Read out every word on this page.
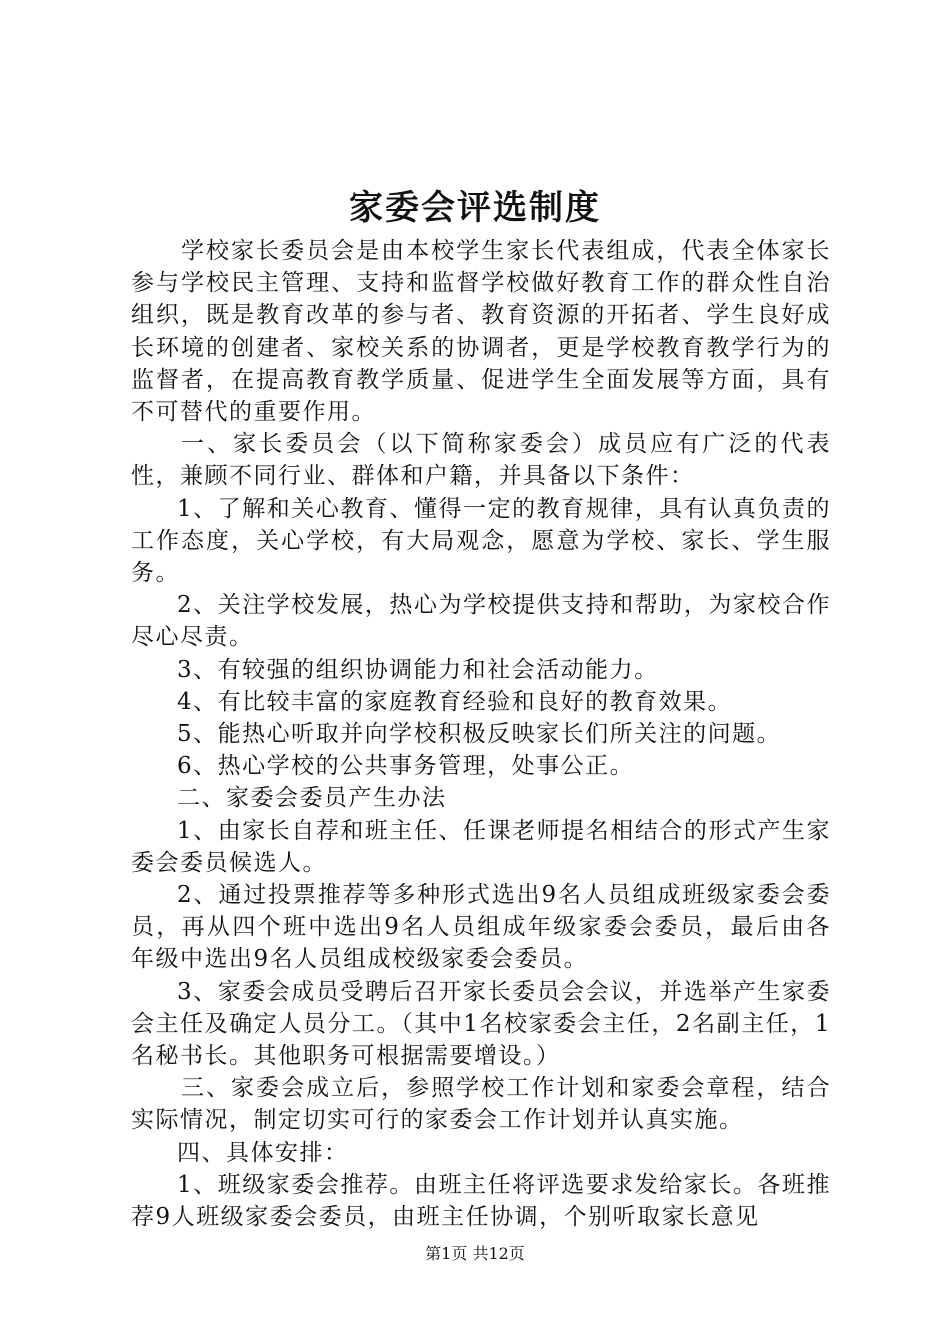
家委会评选制度

学校家长委员会是由本校学生家长代表组成，代表全体家长参与学校民主管理、支持和监督学校做好教育工作的群众性自治组织，既是教育改革的参与者、教育资源的开拓者、学生良好成长环境的创建者、家校关系的协调者，更是学校教育教学行为的监督者，在提高教育教学质量、促进学生全面发展等方面，具有不可替代的重要作用。

一、家长委员会（以下简称家委会）成员应有广泛的代表性，兼顾不同行业、群体和户籍，并具备以下条件：

1、了解和关心教育、懂得一定的教育规律，具有认真负责的工作态度，关心学校，有大局观念，愿意为学校、家长、学生服务。

2、关注学校发展，热心为学校提供支持和帮助，为家校合作尽心尽责。

3、有较强的组织协调能力和社会活动能力。

4、有比较丰富的家庭教育经验和良好的教育效果。

5、能热心听取并向学校积极反映家长们所关注的问题。

6、热心学校的公共事务管理，处事公正。

二、家委会委员产生办法

1、由家长自荐和班主任、任课老师提名相结合的形式产生家委会委员候选人。

2、通过投票推荐等多种形式选出9名人员组成班级家委会委员，再从四个班中选出9名人员组成年级家委会委员，最后由各年级中选出9名人员组成校级家委会委员。

3、家委会成员受聘后召开家长委员会会议，并选举产生家委会主任及确定人员分工。（其中1名校家委会主任，2名副主任，1名秘书长。其他职务可根据需要增设。）

三、家委会成立后，参照学校工作计划和家委会章程，结合实际情况，制定切实可行的家委会工作计划并认真实施。

四、具体安排：

1、班级家委会推荐。由班主任将评选要求发给家长。各班推荐9人班级家委会委员，由班主任协调，个别听取家长意见

第1页 共12页
